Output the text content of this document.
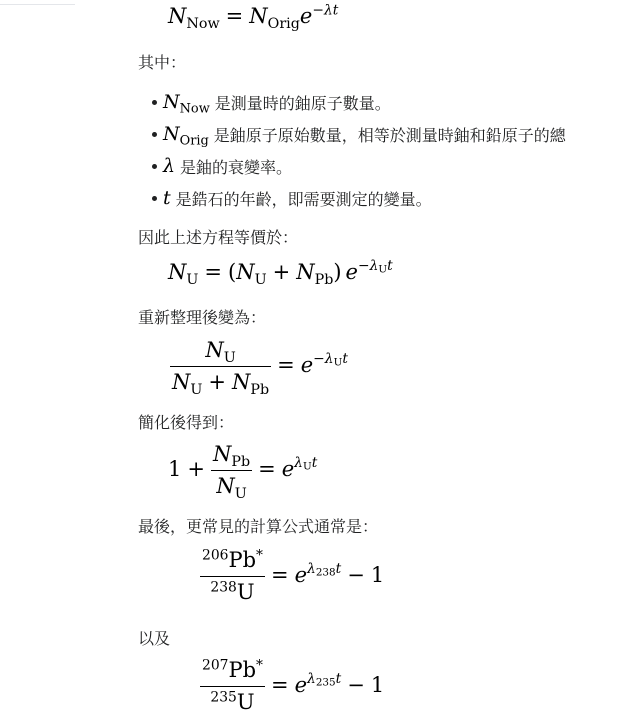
$N_{Now} = N_{Orig}e^{-\lambda t}$
其中：
$N_{Now}$ 是測量時的鈾原子數量。
$N_{Orig}$ 是鈾原子原始數量，相等於測量時鈾和鉛原子的總
λ 是鈾的衰變率。
t 是鋯石的年齡，即需要測定的變量。
因此上述方程等價於：
$N_U = (N_U + N_{Pb})$ $e^{-\lambda Ut}$
重新整理後變為：
$\frac{N_U}{N_U + N_{Pb}} = e^{-\lambda Ut}$
簡化後得到：
$1 + \frac{N_{Pb}}{N_U} = e^{\lambda Ut}$
最後，更常見的計算公式通常是：
$\frac{^{206}Pb^*}{^{238}U} = e^{\lambda 238t} - 1$
以及
$\frac{^{207}Pb^*}{^{235}U} = e^{\lambda 235t} - 1$
